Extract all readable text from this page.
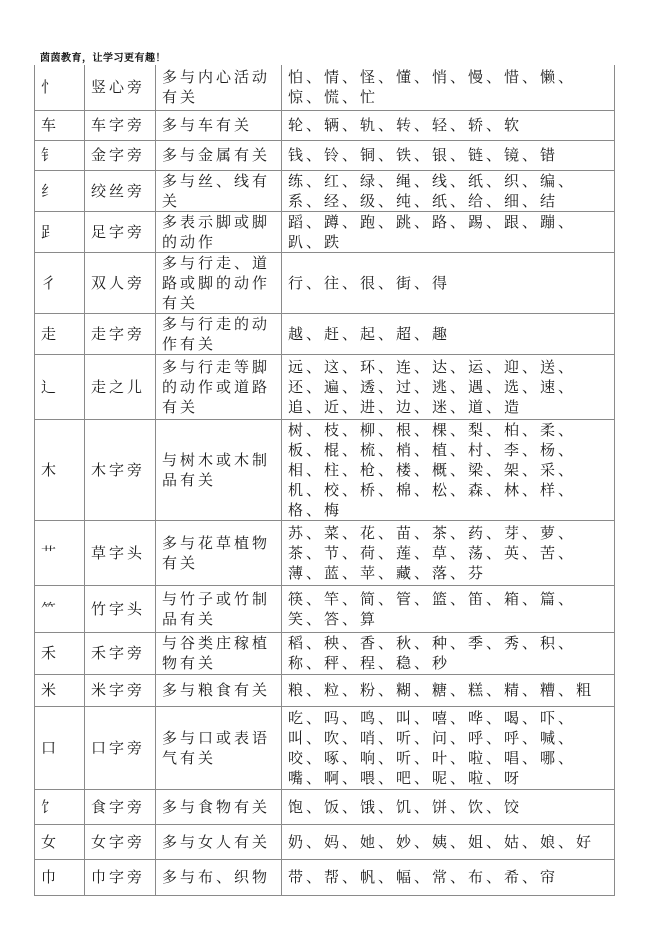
茵茵教育，让学习更有趣！
忄	竖心旁	多与内心活动有关	怕、情、怪、懂、悄、慢、惜、懒、惊、慌、忙
车	车字旁	多与车有关	轮、辆、轨、转、轻、轿、软
钅	金字旁	多与金属有关	钱、铃、铜、铁、银、链、镜、错
纟	绞丝旁	多与丝、线有关	练、红、绿、绳、线、纸、织、编、系、经、级、纯、纸、给、细、结
𧾷	足字旁	多表示脚或脚的动作	蹈、蹲、跑、跳、路、踢、跟、蹦、趴、跌
彳	双人旁	多与行走、道路或脚的动作有关	行、往、很、街、得
走	走字旁	多与行走的动作有关	越、赶、起、超、趣
辶	走之儿	多与行走等脚的动作或道路有关	远、这、环、连、达、运、迎、送、还、遍、透、过、逃、遇、选、速、追、近、进、边、迷、道、造
木	木字旁	与树木或木制品有关	树、枝、柳、根、棵、梨、柏、柔、板、棍、梳、梢、植、村、李、杨、相、柱、枪、楼、概、梁、架、采、机、校、桥、棉、松、森、林、样、格、梅
艹	草字头	多与花草植物有关	苏、菜、花、苗、茶、药、芽、萝、茶、节、荷、莲、草、荡、英、苦、薄、蓝、苹、藏、落、芬
⺮	竹字头	与竹子或竹制品有关	筷、竿、简、管、篮、笛、箱、篇、笑、答、算
禾	禾字旁	与谷类庄稼植物有关	稻、秧、香、秋、种、季、秀、积、称、秤、程、稳、秒
米	米字旁	多与粮食有关	粮、粒、粉、糊、糖、糕、精、糟、粗
口	口字旁	多与口或表语气有关	吃、吗、鸣、叫、嘻、哗、喝、吓、叫、吹、哨、听、问、呼、呼、喊、咬、啄、响、听、叶、啦、唱、哪、嘴、啊、喂、吧、呢、啦、呀
饣	食字旁	多与食物有关	饱、饭、饿、饥、饼、饮、饺
女	女字旁	多与女人有关	奶、妈、她、妙、姨、姐、姑、娘、好
巾	巾字旁	多与布、织物	带、帮、帆、幅、常、布、希、帘
